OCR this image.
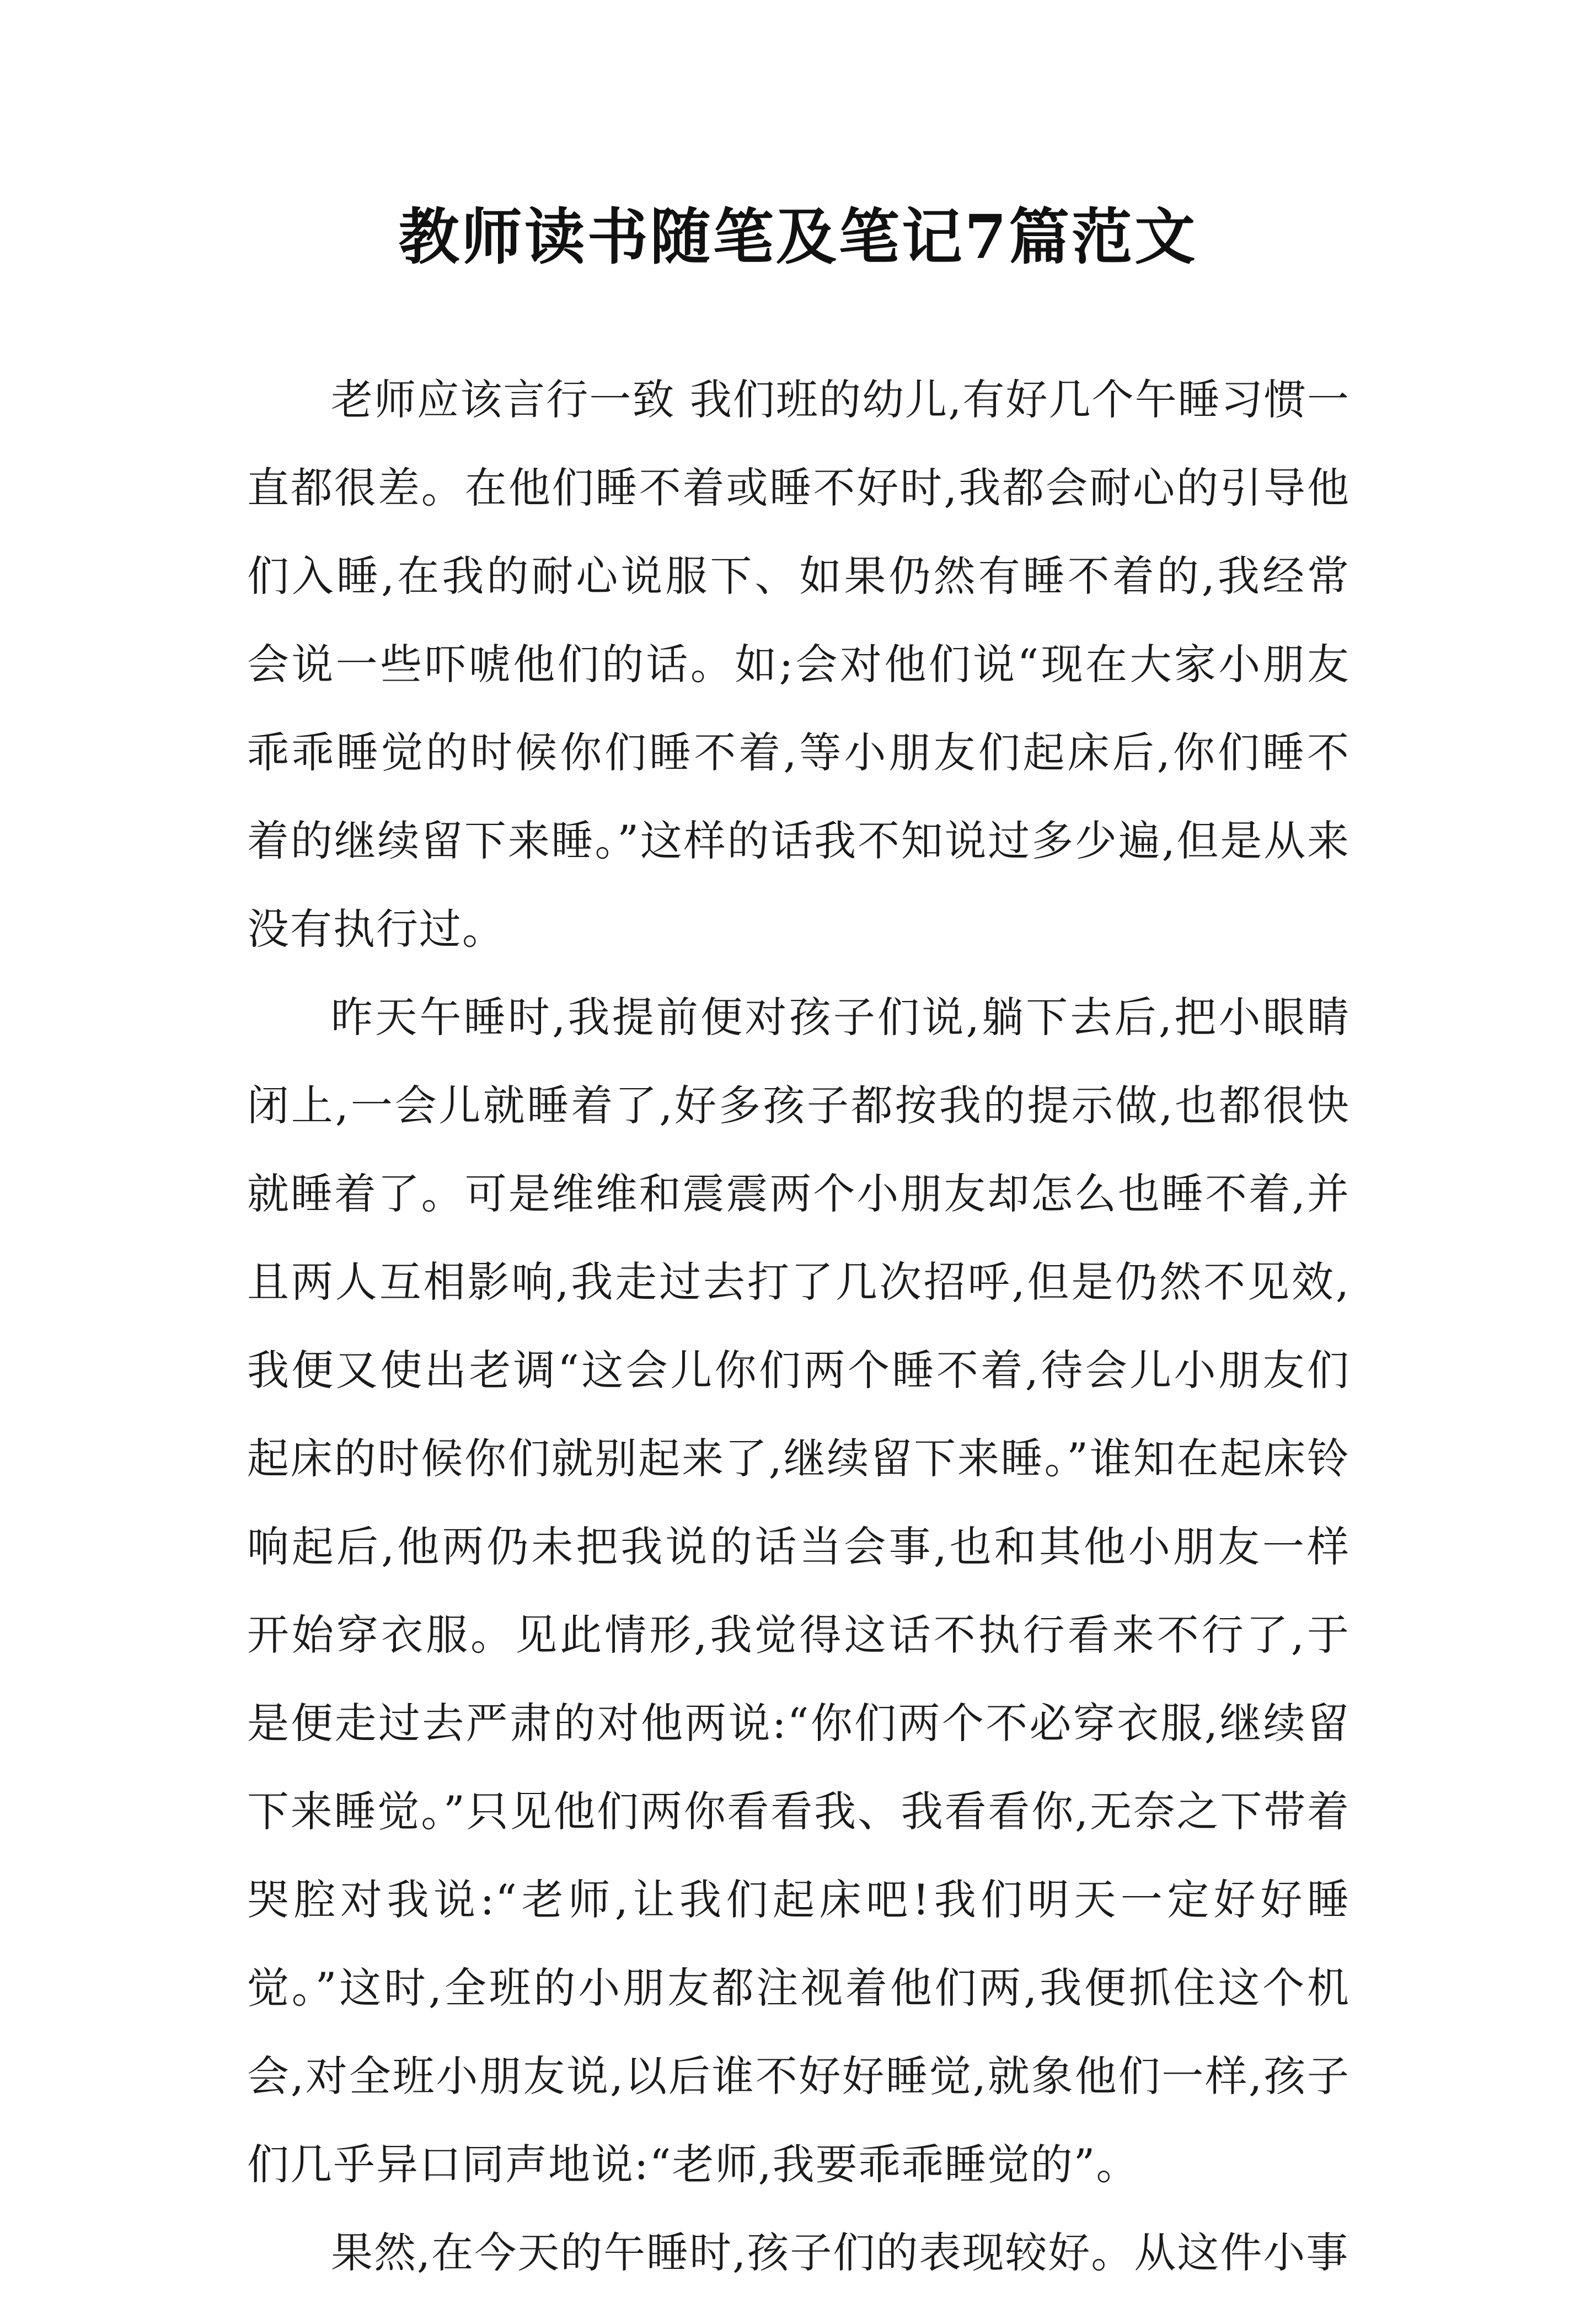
教师读书随笔及笔记7篇范文

老师应该言行一致 我们班的幼儿,有好几个午睡习惯一直都很差。在他们睡不着或睡不好时,我都会耐心的引导他们入睡,在我的耐心说服下、如果仍然有睡不着的,我经常会说一些吓唬他们的话。如;会对他们说“现在大家小朋友乖乖睡觉的时候你们睡不着,等小朋友们起床后,你们睡不着的继续留下来睡。”这样的话我不知说过多少遍,但是从来没有执行过。

昨天午睡时,我提前便对孩子们说,躺下去后,把小眼睛闭上,一会儿就睡着了,好多孩子都按我的提示做,也都很快就睡着了。可是维维和震震两个小朋友却怎么也睡不着,并且两人互相影响,我走过去打了几次招呼,但是仍然不见效,我便又使出老调“这会儿你们两个睡不着,待会儿小朋友们起床的时候你们就别起来了,继续留下来睡。”谁知在起床铃响起后,他两仍未把我说的话当会事,也和其他小朋友一样开始穿衣服。见此情形,我觉得这话不执行看来不行了,于是便走过去严肃的对他两说:“你们两个不必穿衣服,继续留下来睡觉。”只见他们两你看看我、我看看你,无奈之下带着哭腔对我说:“老师,让我们起床吧!我们明天一定好好睡觉。”这时,全班的小朋友都注视着他们两,我便抓住这个机会,对全班小朋友说,以后谁不好好睡觉,就象他们一样,孩子们几乎异口同声地说:“老师,我要乖乖睡觉的”。

果然,在今天的午睡时,孩子们的表现较好。从这件小事
